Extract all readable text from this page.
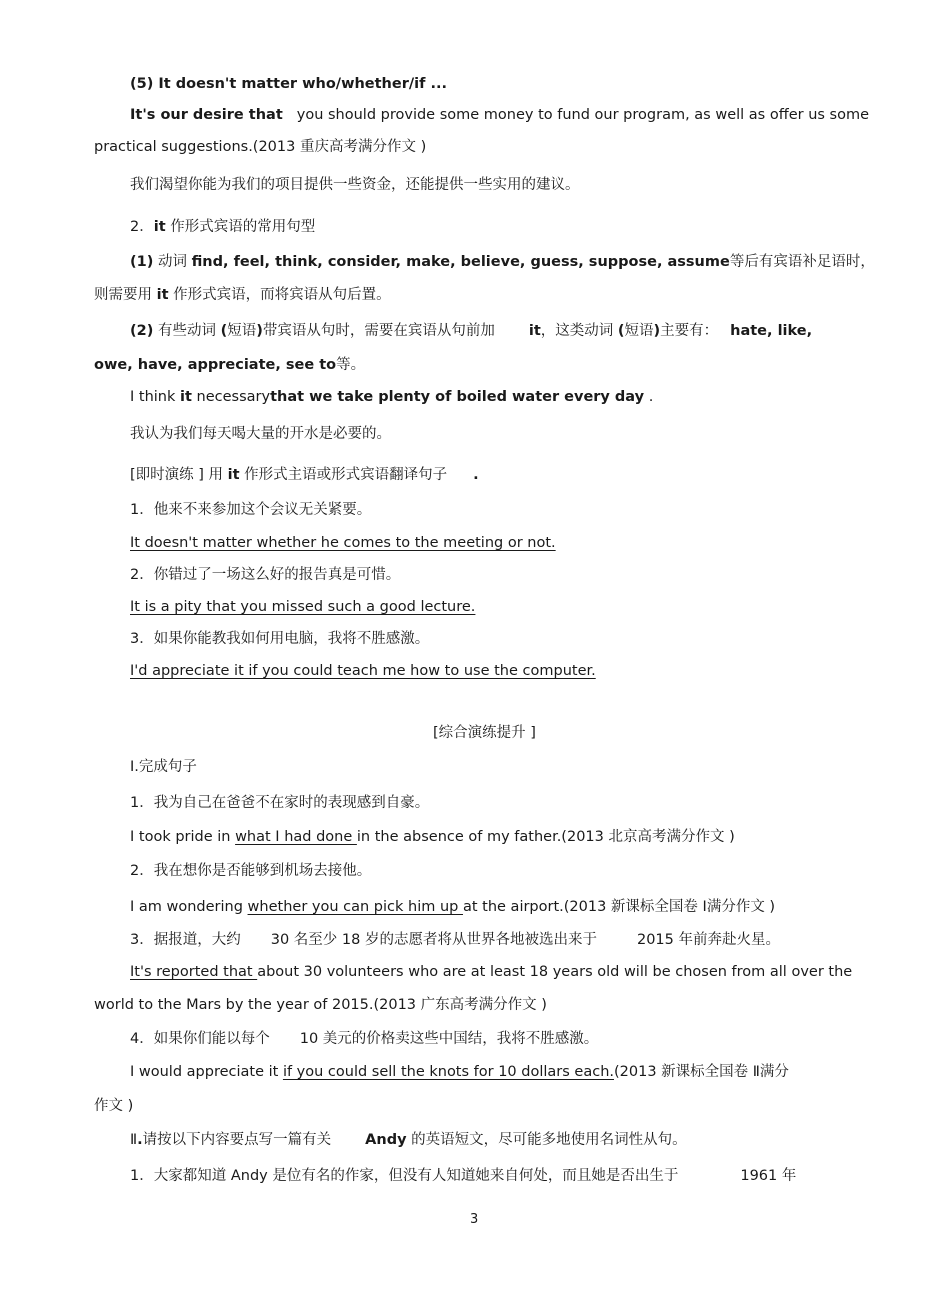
(5) It doesn't matter who/whether/if ...
It's our desire that you should provide some money to fund our program, as well as offer us some
practical suggestions.(2013 重庆高考满分作文 )
我们渴望你能为我们的项目提供一些资金，还能提供一些实用的建议。
2．it 作形式宾语的常用句型
(1) 动词 find, feel, think, consider, make, believe, guess, suppose, assume等后有宾语补足语时，
则需要用 it 作形式宾语，而将宾语从句后置。
(2) 有些动词 (短语)带宾语从句时，需要在宾语从句前加 it，这类动词 (短语)主要有： hate, like,
owe, have, appreciate, see to等。
I think it necessarythat we take plenty of boiled water every day .
我认为我们每天喝大量的开水是必要的。
[即时演练 ] 用 it 作形式主语或形式宾语翻译句子 .
1．他来不来参加这个会议无关紧要。
It doesn't matter whether he comes to the meeting or not.
2．你错过了一场这么好的报告真是可惜。
It is a pity that you missed such a good lecture.
3．如果你能教我如何用电脑，我将不胜感激。
I'd appreciate it if you could teach me how to use the computer.
[综合演练提升 ]
Ⅰ.完成句子
1．我为自己在爸爸不在家时的表现感到自豪。
I took pride in what I had done in the absence of my father.(2013 北京高考满分作文 )
2．我在想你是否能够到机场去接他。
I am wondering whether you can pick him up at the airport.(2013 新课标全国卷 Ⅰ满分作文 )
3．据报道，大约 30 名至少 18 岁的志愿者将从世界各地被选出来于	2015 年前奔赴火星。
It's reported that about 30 volunteers who are at least 18 years old will be chosen from all over the
world to the Mars by the year of 2015.(2013 广东高考满分作文 )
4．如果你们能以每个 10 美元的价格卖这些中国结，我将不胜感激。
I would appreciate it if you could sell the knots for 10 dollars each.(2013 新课标全国卷 Ⅱ满分
作文 )
Ⅱ.请按以下内容要点写一篇有关 Andy 的英语短文，尽可能多地使用名词性从句。
1．大家都知道 Andy 是位有名的作家，但没有人知道她来自何处，而且她是否出生于	1961 年
3
